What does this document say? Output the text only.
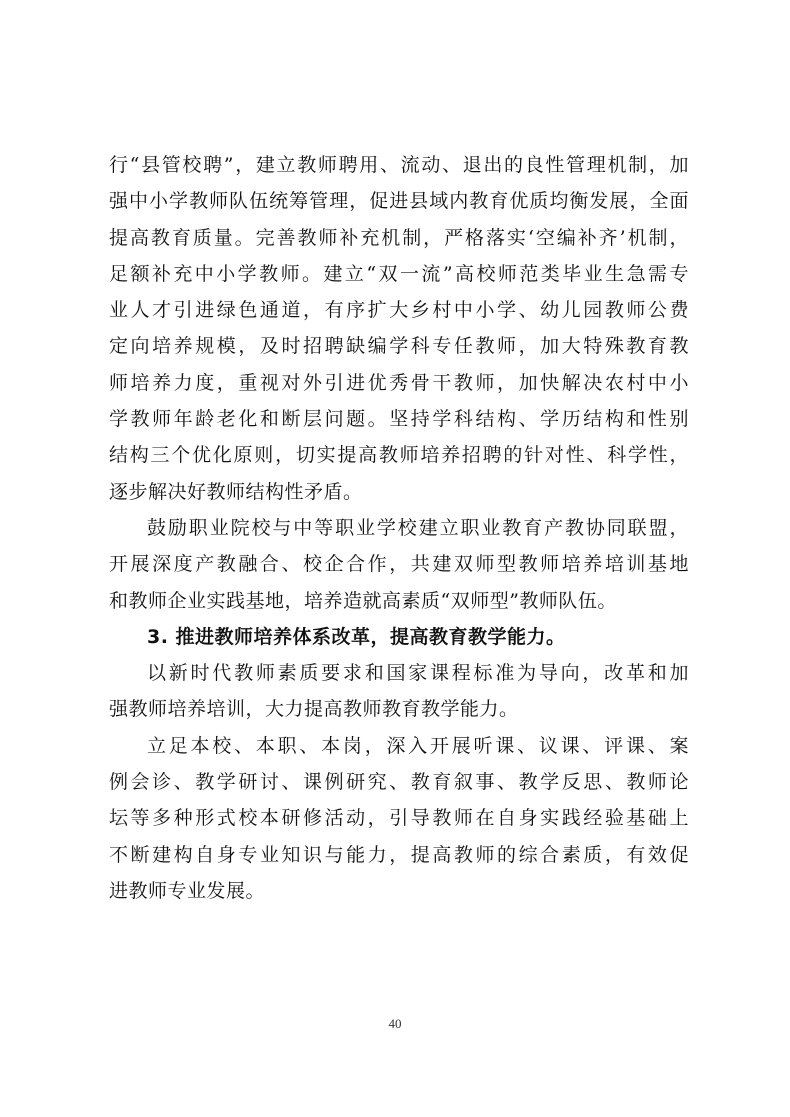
行“县管校聘”，建立教师聘用、流动、退出的良性管理机制，加
强中小学教师队伍统筹管理，促进县域内教育优质均衡发展，全面
提高教育质量。完善教师补充机制，严格落实‘空编补齐’机制，
足额补充中小学教师。建立“双一流”高校师范类毕业生急需专
业人才引进绿色通道，有序扩大乡村中小学、幼儿园教师公费
定向培养规模，及时招聘缺编学科专任教师，加大特殊教育教
师培养力度，重视对外引进优秀骨干教师，加快解决农村中小
学教师年龄老化和断层问题。坚持学科结构、学历结构和性别
结构三个优化原则，切实提高教师培养招聘的针对性、科学性，
逐步解决好教师结构性矛盾。
鼓励职业院校与中等职业学校建立职业教育产教协同联盟，
开展深度产教融合、校企合作，共建双师型教师培养培训基地
和教师企业实践基地，培养造就高素质“双师型”教师队伍。
3. 推进教师培养体系改革，提高教育教学能力。
以新时代教师素质要求和国家课程标准为导向，改革和加
强教师培养培训，大力提高教师教育教学能力。
立足本校、本职、本岗，深入开展听课、议课、评课、案
例会诊、教学研讨、课例研究、教育叙事、教学反思、教师论
坛等多种形式校本研修活动，引导教师在自身实践经验基础上
不断建构自身专业知识与能力，提高教师的综合素质，有效促
进教师专业发展。
40
